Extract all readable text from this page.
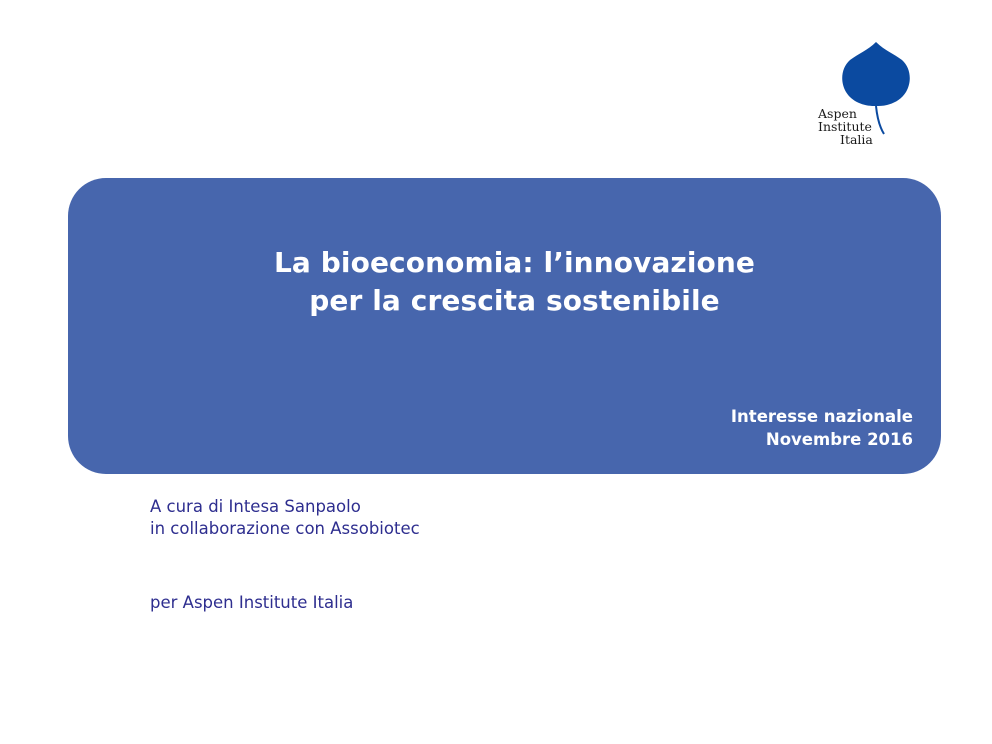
Aspen
Institute
Italia
La bioeconomia: l’innovazione
per la crescita sostenibile
Interesse nazionale
Novembre 2016
A cura di Intesa Sanpaolo
in collaborazione con Assobiotec
per Aspen Institute Italia
